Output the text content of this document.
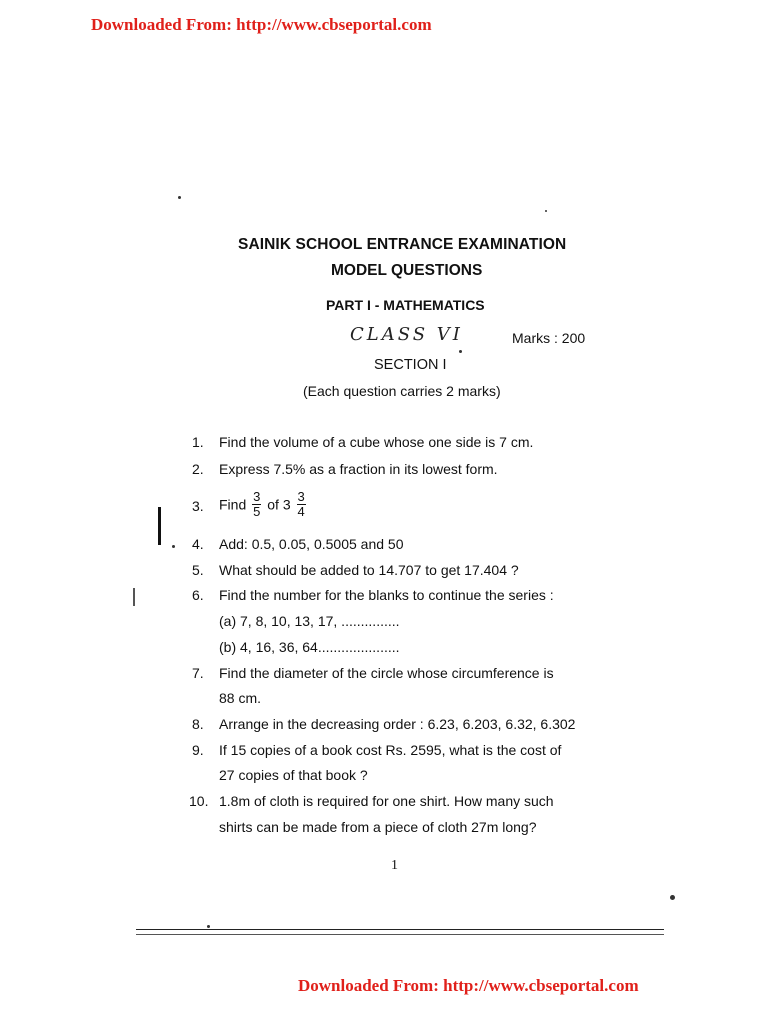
Downloaded From: http://www.cbseportal.com
SAINIK SCHOOL ENTRANCE EXAMINATION
MODEL QUESTIONS
PART I - MATHEMATICS
CLASS VI	Marks : 200
SECTION I
(Each question carries 2 marks)
1. Find the volume of a cube whose one side is 7 cm.
2. Express 7.5% as a fraction in its lowest form.
3. Find $\frac{3}{5}$ of $3 \frac{3}{4}$
4. Add: 0.5, 0.05, 0.5005 and 50
5. What should be added to 14.707 to get 17.404 ?
6. Find the number for the blanks to continue the series :
(a) 7, 8, 10, 13, 17, ...............
(b) 4, 16, 36, 64.....................
7. Find the diameter of the circle whose circumference is
88 cm.
8. Arrange in the decreasing order : 6.23, 6.203, 6.32, 6.302
9. If 15 copies of a book cost Rs. 2595, what is the cost of
27 copies of that book ?
10. 1.8m of cloth is required for one shirt. How many such
shirts can be made from a piece of cloth 27m long?
1
Downloaded From: http://www.cbseportal.com
